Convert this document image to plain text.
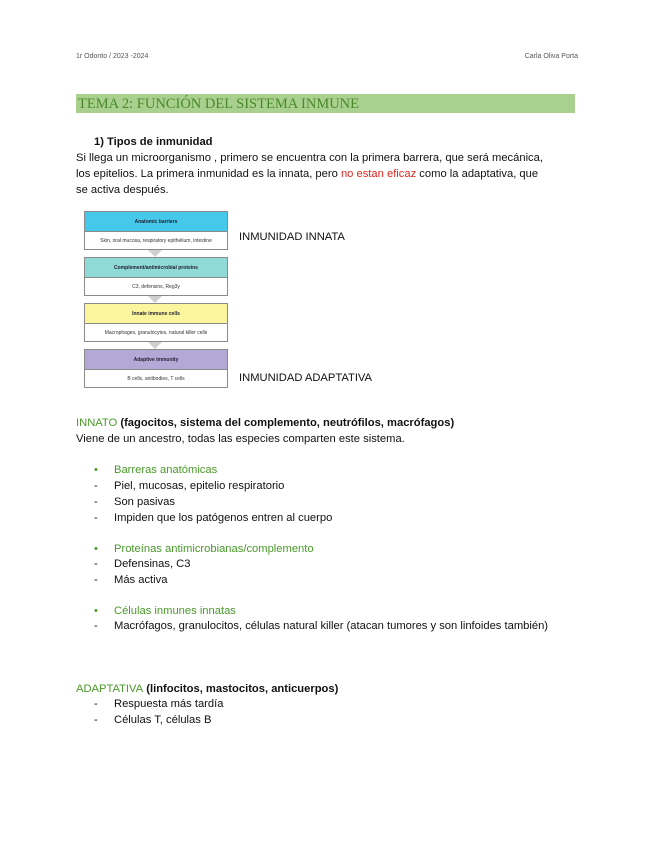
1r Odonto / 2023 -2024	Carla Oliva Porta
TEMA 2: FUNCIÓN DEL SISTEMA INMUNE
1) Tipos de inmunidad
Si llega un microorganismo , primero se encuentra con la primera barrera, que será mecánica,
los epitelios. La primera inmunidad es la innata, pero no estan eficaz como la adaptativa, que
se activa después.
Anatomic barriers
Skin, oral mucosa, respiratory epithelium, intestine
Complement/antimicrobial proteins
C3, defensins, Reg3γ
Innate immune cells
Macrophages, granulocytes, natural killer cells
Adaptive immunity
B cells, antibodies, T cells
INMUNIDAD INNATA
INMUNIDAD ADAPTATIVA
INNATO (fagocitos, sistema del complemento, neutrófilos, macrófagos)
Viene de un ancestro, todas las especies comparten este sistema.
• Barreras anatómicas
- Piel, mucosas, epitelio respiratorio
- Son pasivas
- Impiden que los patógenos entren al cuerpo
• Proteínas antimicrobianas/complemento
- Defensinas, C3
- Más activa
• Células inmunes innatas
- Macrófagos, granulocitos, células natural killer (atacan tumores y son linfoides también)
ADAPTATIVA (linfocitos, mastocitos, anticuerpos)
- Respuesta más tardía
- Células T, células B
